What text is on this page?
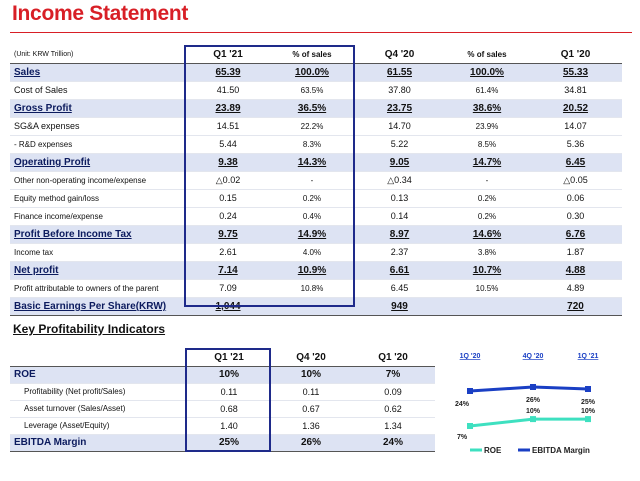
Income Statement
(Unit: KRW Trillion)	Q1 '21	% of sales	Q4 '20	% of sales	Q1 '20
Sales	65.39	100.0%	61.55	100.0%	55.33
Cost of Sales	41.50	63.5%	37.80	61.4%	34.81
Gross Profit	23.89	36.5%	23.75	38.6%	20.52
SG&A expenses	14.51	22.2%	14.70	23.9%	14.07
- R&D expenses	5.44	8.3%	5.22	8.5%	5.36
Operating Profit	9.38	14.3%	9.05	14.7%	6.45
Other non-operating income/expense	△0.02	-	△0.34	-	△0.05
Equity method gain/loss	0.15	0.2%	0.13	0.2%	0.06
Finance income/expense	0.24	0.4%	0.14	0.2%	0.30
Profit Before Income Tax	9.75	14.9%	8.97	14.6%	6.76
Income tax	2.61	4.0%	2.37	3.8%	1.87
Net profit	7.14	10.9%	6.61	10.7%	4.88
Profit attributable to owners of the parent	7.09	10.8%	6.45	10.5%	4.89
Basic Earnings Per Share(KRW)	1,044		949		720
Key Profitability Indicators
	Q1 '21	Q4 '20	Q1 '20
ROE	10%	10%	7%
Profitability (Net profit/Sales)	0.11	0.11	0.09
Asset turnover (Sales/Asset)	0.68	0.67	0.62
Leverage (Asset/Equity)	1.40	1.36	1.34
EBITDA Margin	25%	26%	24%
1Q '20	4Q '20	1Q '21
24%
26%	25%
7%
10%	10%
ROE	EBITDA Margin
